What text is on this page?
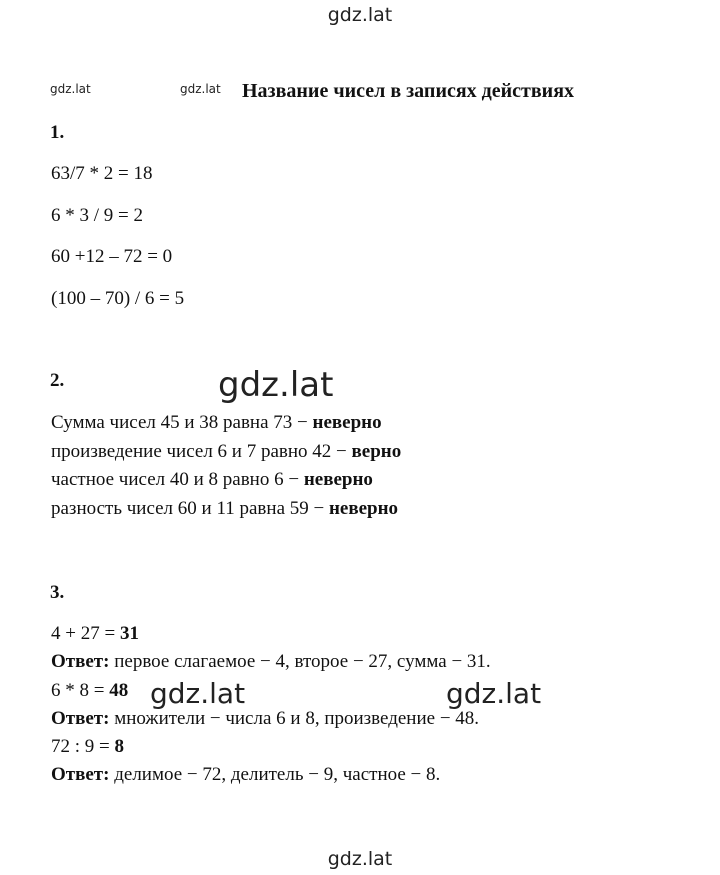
gdz.lat
gdz.lat	gdz.lat Название чисел в записях действиях
1.
63/7 * 2 = 18
6 * 3 / 9 = 2
60 +12 – 72 = 0
(100 – 70) / 6 = 5
2.
Сумма чисел 45 и 38 равна 73 − неверно
произведение чисел 6 и 7 равно 42 − верно
частное чисел 40 и 8 равно 6 − неверно
разность чисел 60 и 11 равна 59 − неверно
gdz.lat
3.
4 + 27 = 31
Ответ: первое слагаемое − 4, второе − 27, сумма − 31.
6 * 8 = 48
Ответ: множители − числа 6 и 8, произведение − 48.
72 : 9 = 8
Ответ: делимое − 72, делитель − 9, частное − 8.
gdz.lat	gdz.lat
gdz.lat
